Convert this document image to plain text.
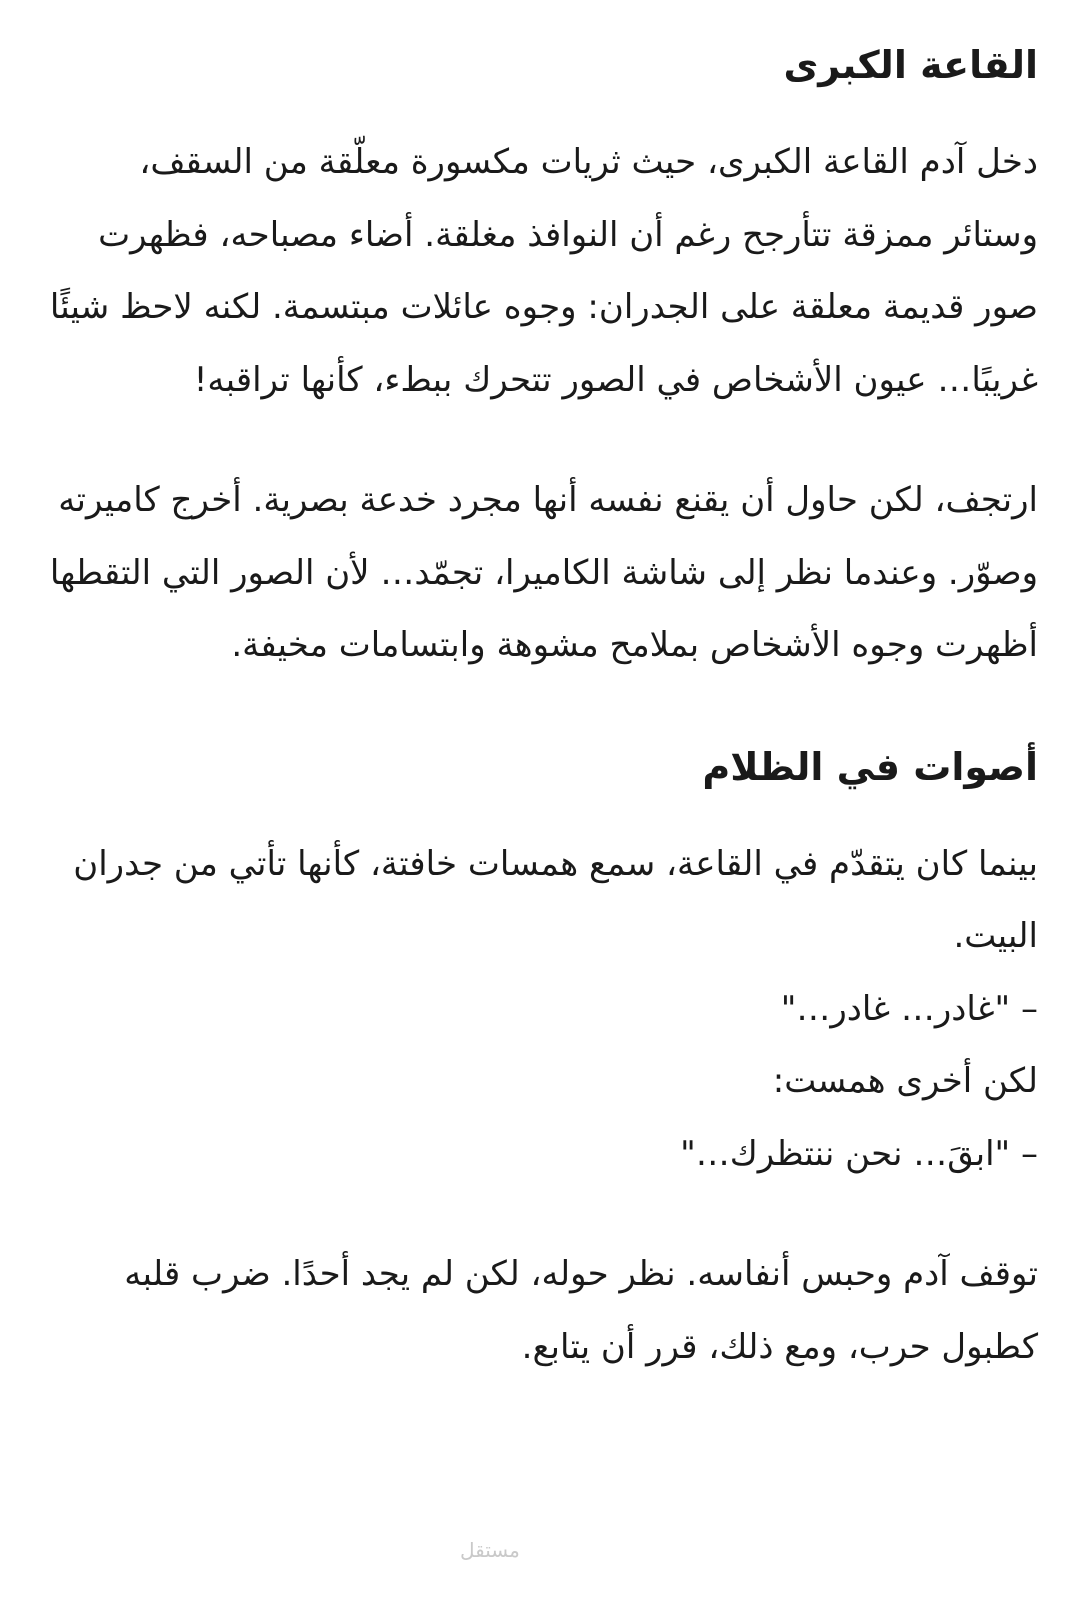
القاعة الكبرى

دخل آدم القاعة الكبرى، حيث ثريات مكسورة معلّقة من السقف، وستائر ممزقة تتأرجح رغم أن النوافذ مغلقة. أضاء مصباحه، فظهرت صور قديمة معلقة على الجدران: وجوه عائلات مبتسمة. لكنه لاحظ شيئًا غريبًا… عيون الأشخاص في الصور تتحرك ببطء، كأنها تراقبه!

ارتجف، لكن حاول أن يقنع نفسه أنها مجرد خدعة بصرية. أخرج كاميرته وصوّر. وعندما نظر إلى شاشة الكاميرا، تجمّد… لأن الصور التي التقطها أظهرت وجوه الأشخاص بملامح مشوهة وابتسامات مخيفة.

أصوات في الظلام

بينما كان يتقدّم في القاعة، سمع همسات خافتة، كأنها تأتي من جدران البيت.

– "غادر… غادر…"
لكن أخرى همست:
– "ابقَ… نحن ننتظرك…"

توقف آدم وحبس أنفاسه. نظر حوله، لكن لم يجد أحدًا. ضرب قلبه كطبول حرب، ومع ذلك، قرر أن يتابع.

مستقل
